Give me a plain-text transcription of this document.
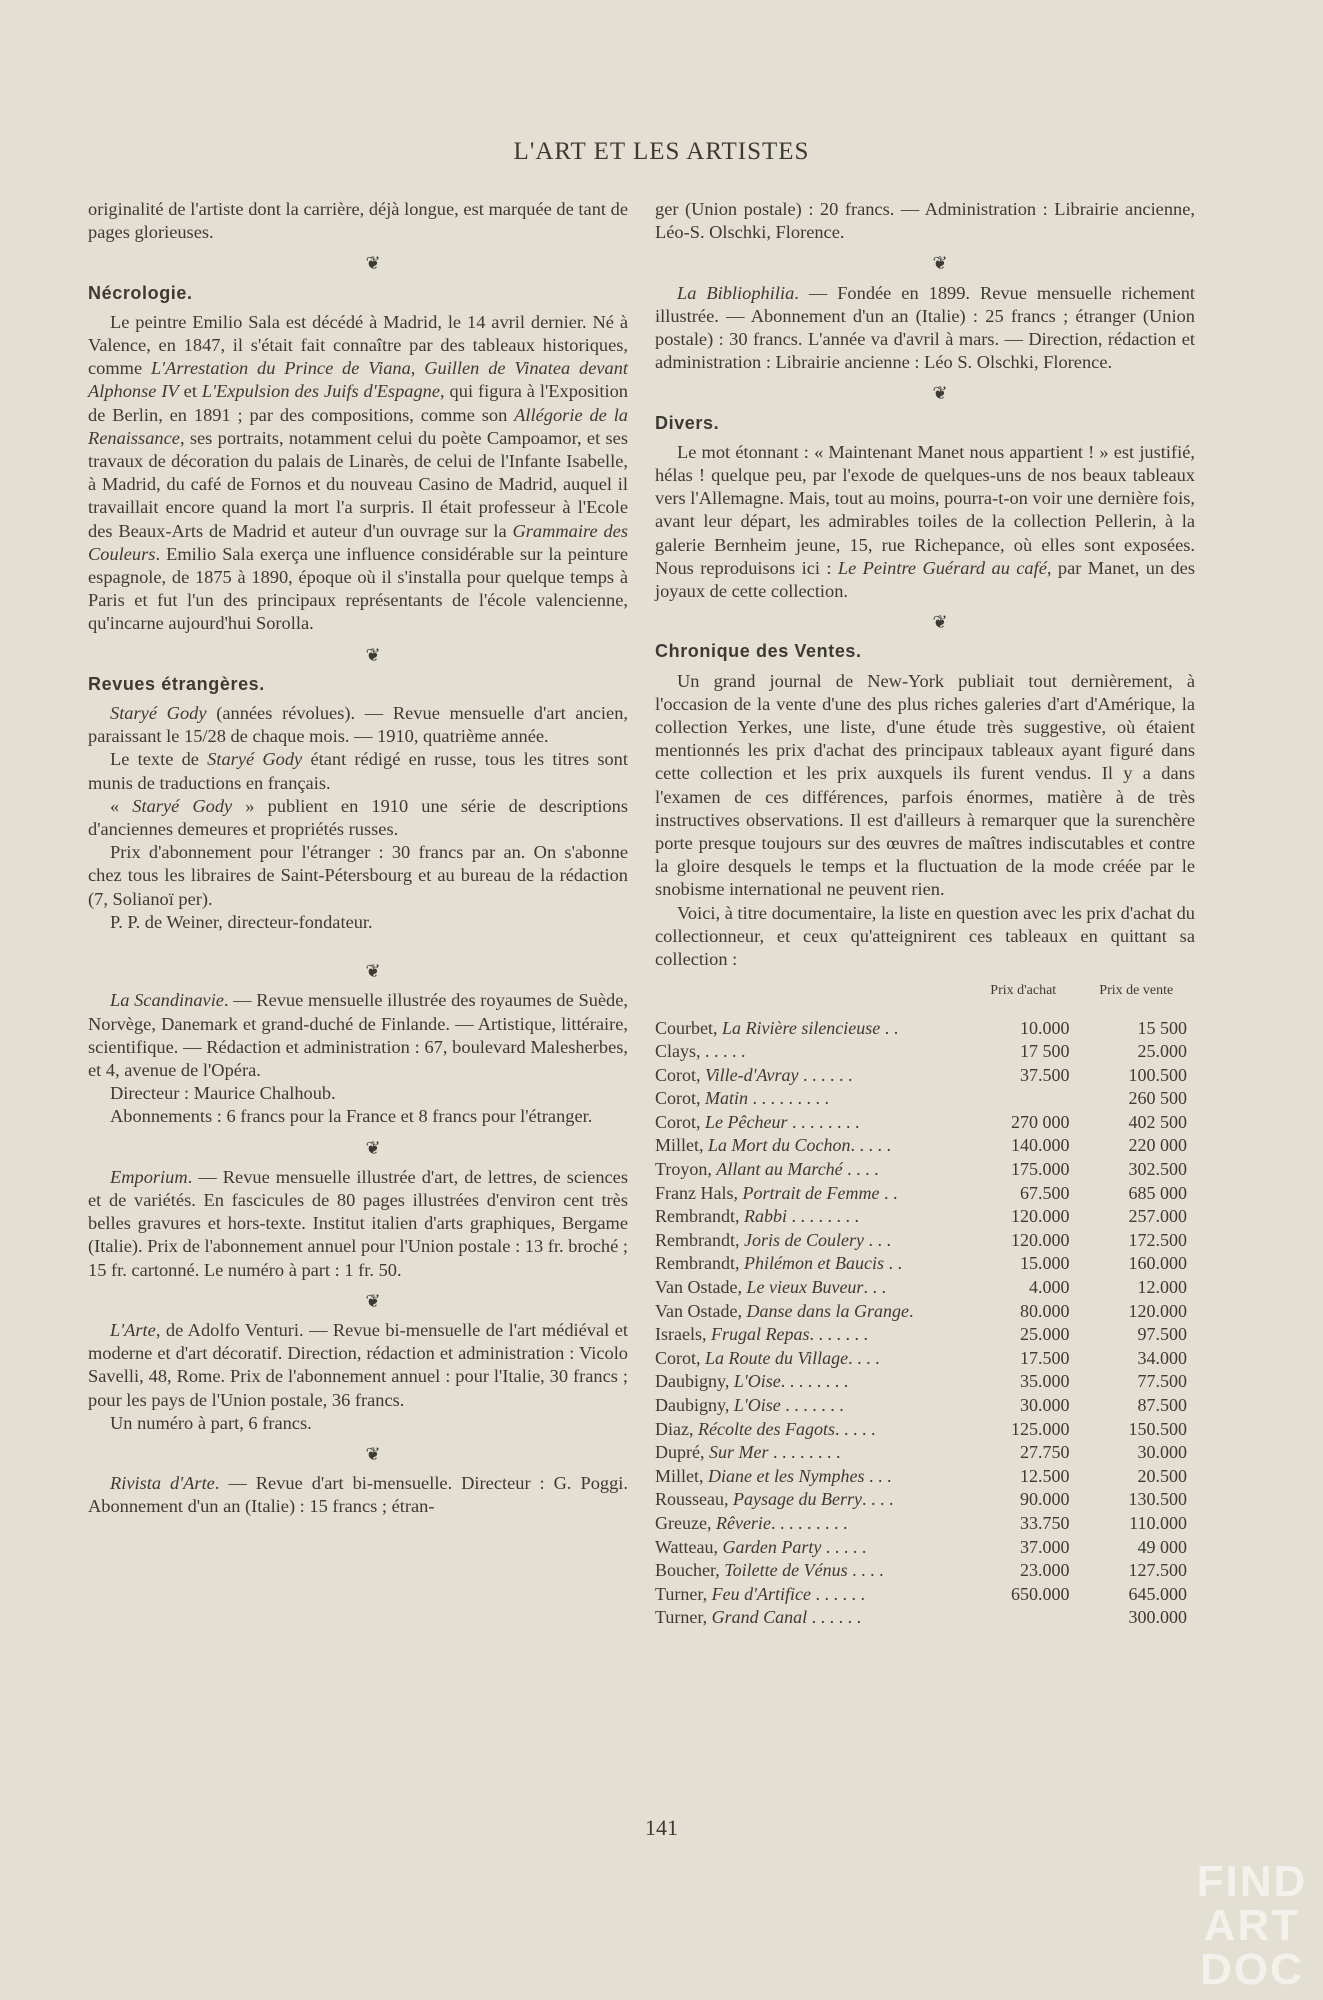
L'ART ET LES ARTISTES

originalité de l'artiste dont la carrière, déjà longue, est marquée de tant de pages glorieuses.

❦
Nécrologie.

Le peintre Emilio Sala est décédé à Madrid, le 14 avril dernier. Né à Valence, en 1847, il s'était fait connaître par des tableaux historiques, comme L'Arrestation du Prince de Viana, Guillen de Vinatea devant Alphonse IV et L'Expulsion des Juifs d'Espagne, qui figura à l'Exposition de Berlin, en 1891 ; par des compositions, comme son Allégorie de la Renaissance, ses portraits, notamment celui du poète Campoamor, et ses travaux de décoration du palais de Linarès, de celui de l'Infante Isabelle, à Madrid, du café de Fornos et du nouveau Casino de Madrid, auquel il travaillait encore quand la mort l'a surpris. Il était professeur à l'Ecole des Beaux-Arts de Madrid et auteur d'un ouvrage sur la Grammaire des Couleurs. Emilio Sala exerça une influence considérable sur la peinture espagnole, de 1875 à 1890, époque où il s'installa pour quelque temps à Paris et fut l'un des principaux représentants de l'école valencienne, qu'incarne aujourd'hui Sorolla.

❦
Revues étrangères.

Staryé Gody (années révolues). — Revue mensuelle d'art ancien, paraissant le 15/28 de chaque mois. — 1910, quatrième année.

Le texte de Staryé Gody étant rédigé en russe, tous les titres sont munis de traductions en français.

« Staryé Gody » publient en 1910 une série de descriptions d'anciennes demeures et propriétés russes.

Prix d'abonnement pour l'étranger : 30 francs par an. On s'abonne chez tous les libraires de Saint-Pétersbourg et au bureau de la rédaction (7, Solianoï per).

P. P. de Weiner, directeur-fondateur.

❦

La Scandinavie. — Revue mensuelle illustrée des royaumes de Suède, Norvège, Danemark et grand-duché de Finlande. — Artistique, littéraire, scientifique. — Rédaction et administration : 67, boulevard Malesherbes, et 4, avenue de l'Opéra.

Directeur : Maurice Chalhoub.

Abonnements : 6 francs pour la France et 8 francs pour l'étranger.

❦

Emporium. — Revue mensuelle illustrée d'art, de lettres, de sciences et de variétés. En fascicules de 80 pages illustrées d'environ cent très belles gravures et hors-texte. Institut italien d'arts graphiques, Bergame (Italie). Prix de l'abonnement annuel pour l'Union postale : 13 fr. broché ; 15 fr. cartonné. Le numéro à part : 1 fr. 50.

❦

L'Arte, de Adolfo Venturi. — Revue bi-mensuelle de l'art médiéval et moderne et d'art décoratif. Direction, rédaction et administration : Vicolo Savelli, 48, Rome. Prix de l'abonnement annuel : pour l'Italie, 30 francs ; pour les pays de l'Union postale, 36 francs.

Un numéro à part, 6 francs.

❦

Rivista d'Arte. — Revue d'art bi-mensuelle. Directeur : G. Poggi. Abonnement d'un an (Italie) : 15 francs ; étran-

ger (Union postale) : 20 francs. — Administration : Librairie ancienne, Léo-S. Olschki, Florence.

❦

La Bibliophilia. — Fondée en 1899. Revue mensuelle richement illustrée. — Abonnement d'un an (Italie) : 25 francs ; étranger (Union postale) : 30 francs. L'année va d'avril à mars. — Direction, rédaction et administration : Librairie ancienne : Léo S. Olschki, Florence.

❦
Divers.

Le mot étonnant : « Maintenant Manet nous appartient ! » est justifié, hélas ! quelque peu, par l'exode de quelques-uns de nos beaux tableaux vers l'Allemagne. Mais, tout au moins, pourra-t-on voir une dernière fois, avant leur départ, les admirables toiles de la collection Pellerin, à la galerie Bernheim jeune, 15, rue Richepance, où elles sont exposées. Nous reproduisons ici : Le Peintre Guérard au café, par Manet, un des joyaux de cette collection.

❦
Chronique des Ventes.

Un grand journal de New-York publiait tout dernièrement, à l'occasion de la vente d'une des plus riches galeries d'art d'Amérique, la collection Yerkes, une liste, d'une étude très suggestive, où étaient mentionnés les prix d'achat des principaux tableaux ayant figuré dans cette collection et les prix auxquels ils furent vendus. Il y a dans l'examen de ces différences, parfois énormes, matière à de très instructives observations. Il est d'ailleurs à remarquer que la surenchère porte presque toujours sur des œuvres de maîtres indiscutables et contre la gloire desquels le temps et la fluctuation de la mode créée par le snobisme international ne peuvent rien.

Voici, à titre documentaire, la liste en question avec les prix d'achat du collectionneur, et ceux qu'atteignirent ces tableaux en quittant sa collection :

	Prix d'achat	Prix de vente
Courbet, La Rivière silencieuse . .	10.000	15 500
Clays, . . . . .	17 500	25.000
Corot, Ville-d'Avray . . . . . .	37.500	100.500
Corot, Matin . . . . . . . . .		260 500
Corot, Le Pêcheur . . . . . . . .	270 000	402 500
Millet, La Mort du Cochon. . . . .	140.000	220 000
Troyon, Allant au Marché . . . .	175.000	302.500
Franz Hals, Portrait de Femme . .	67.500	685 000
Rembrandt, Rabbi . . . . . . . .	120.000	257.000
Rembrandt, Joris de Coulery . . .	120.000	172.500
Rembrandt, Philémon et Baucis . .	15.000	160.000
Van Ostade, Le vieux Buveur. . .	4.000	12.000
Van Ostade, Danse dans la Grange.	80.000	120.000
Israels, Frugal Repas. . . . . . .	25.000	97.500
Corot, La Route du Village. . . .	17.500	34.000
Daubigny, L'Oise. . . . . . . .	35.000	77.500
Daubigny, L'Oise . . . . . . .	30.000	87.500
Diaz, Récolte des Fagots. . . . .	125.000	150.500
Dupré, Sur Mer . . . . . . . .	27.750	30.000
Millet, Diane et les Nymphes . . .	12.500	20.500
Rousseau, Paysage du Berry. . . .	90.000	130.500
Greuze, Rêverie. . . . . . . . .	33.750	110.000
Watteau, Garden Party . . . . .	37.000	49 000
Boucher, Toilette de Vénus . . . .	23.000	127.500
Turner, Feu d'Artifice . . . . . .	650.000	645.000
Turner, Grand Canal . . . . . .		300.000
141
FIND
ART
DOC
